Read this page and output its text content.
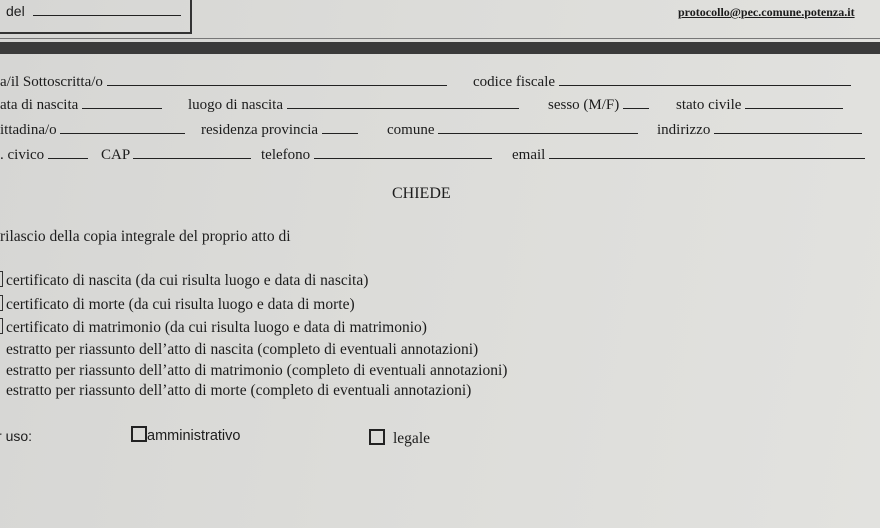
del	protocollo@pec.comune.potenza.it
a/il Sottoscritta/o	codice fiscale
ata di nascita	luogo di nascita	sesso (M/F)	stato civile
ittadina/o	residenza provincia	comune	indirizzo
. civico	CAP	telefono	email
CHIEDE
rilascio della copia integrale del proprio atto di
certificato di nascita (da cui risulta luogo e data di nascita)
certificato di morte (da cui risulta luogo e data di morte)
certificato di matrimonio (da cui risulta luogo e data di matrimonio)
estratto per riassunto dell’atto di nascita (completo di eventuali annotazioni)
estratto per riassunto dell’atto di matrimonio (completo di eventuali annotazioni)
estratto per riassunto dell’atto di morte (completo di eventuali annotazioni)
uso:	amministrativo	legale
